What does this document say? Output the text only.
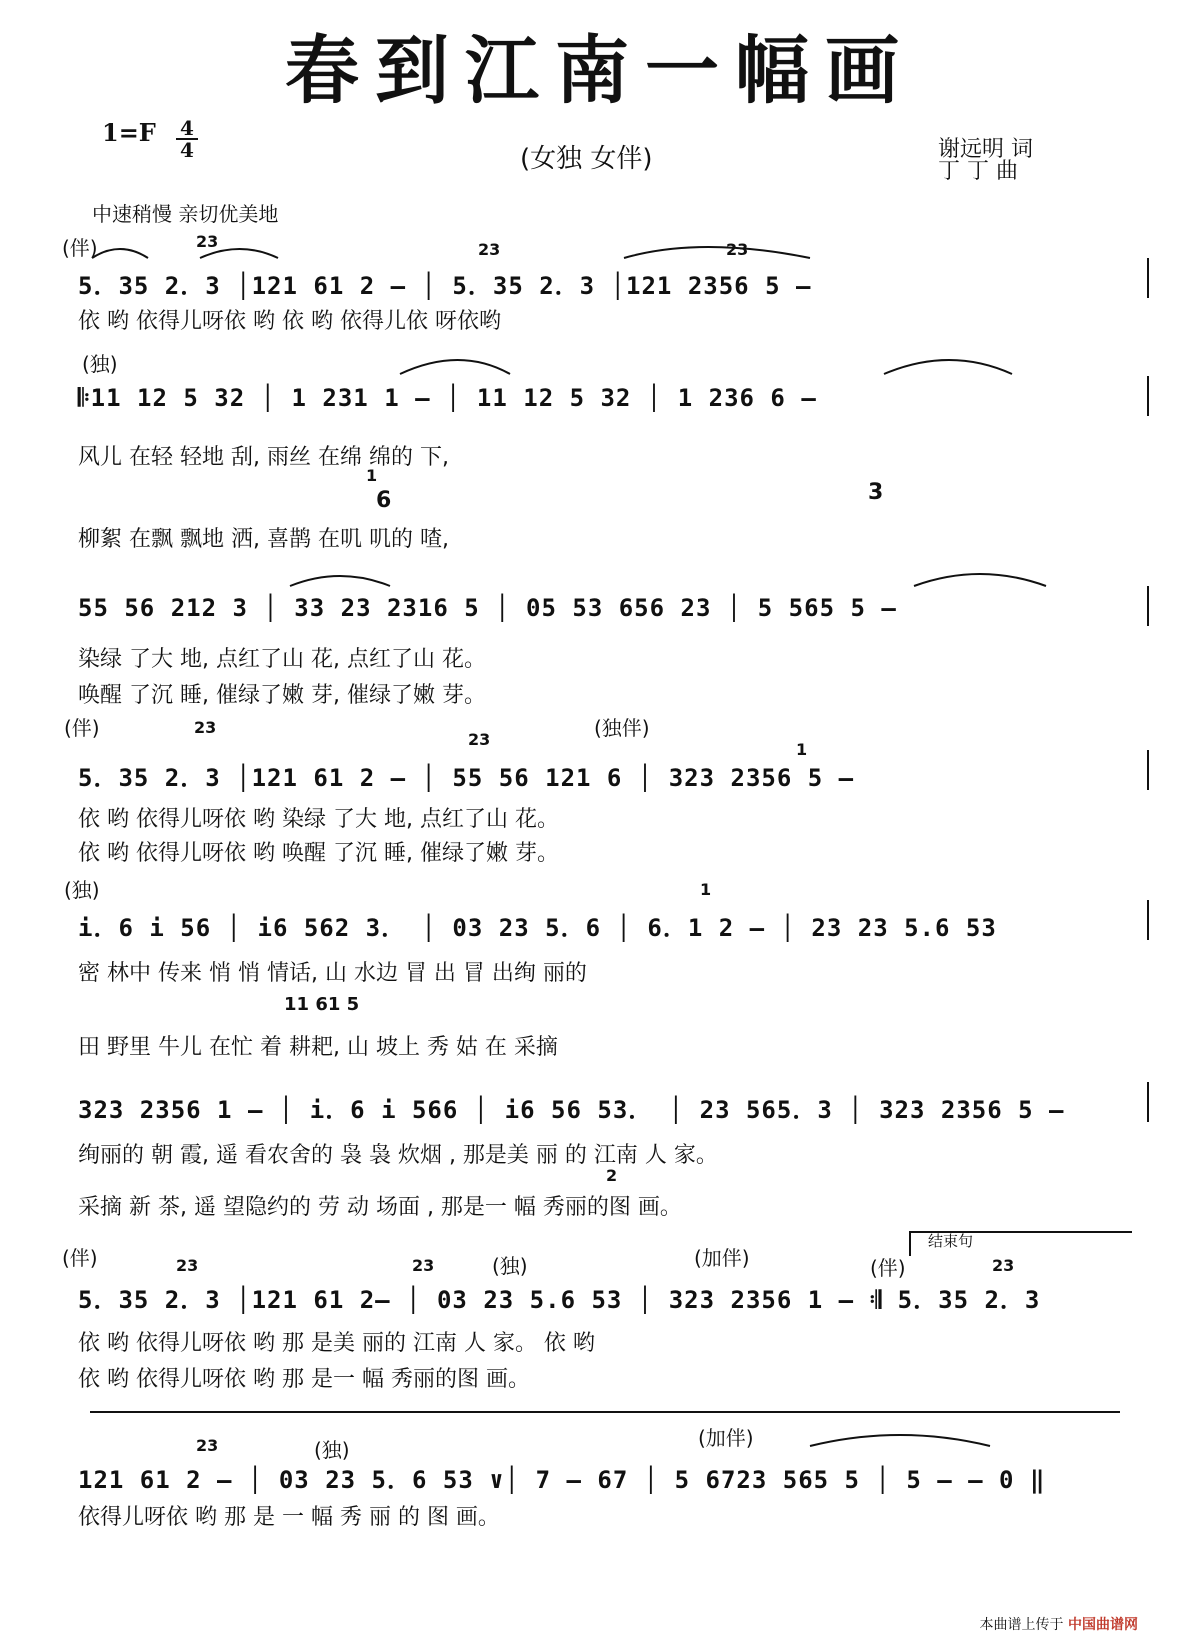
春到江南一幅画
1=F 4
4	(女独 女伴)	谢远明 词
丁 丁 曲
中速稍慢 亲切优美地
(伴)	23	23	23
5．35 2．3 │121 61 2 – │ 5．35 2．3 │121 2356 5 –
依 哟 依得儿呀依 哟 依 哟 依得儿依 呀依哟
(独)
𝄆11 12 5 32 │ 1 231 1 – │ 11 12 5 32 │ 1 236 6 –
风儿 在轻 轻地 刮, 雨丝 在绵 绵的 下,
1
6	3
柳絮 在飘 飘地 洒, 喜鹊 在叽 叽的 喳,
55 56 212 3 │ 33 23 2316 5 │ 05 53 656 23 │ 5 565 5 –
染绿 了大 地, 点红了山 花, 点红了山 花。
唤醒 了沉 睡, 催绿了嫩 芽, 催绿了嫩 芽。
(伴)	(独伴)
23
23
1
5．35 2．3 │121 61 2 – │ 55 56 121 6 │ 323 2356 5 –
依 哟 依得儿呀依 哟 染绿 了大 地, 点红了山 花。
依 哟 依得儿呀依 哟 唤醒 了沉 睡, 催绿了嫩 芽。
(独)	1
i．6 i 56 │ i6 562 3． │ 03 23 5．6 │ 6．1 2 – │ 23 23 5.6 53
密 林中 传来 悄 悄 情话, 山 水边 冒 出 冒 出绚 丽的
11 61 5
田 野里 牛儿 在忙 着 耕耙, 山 坡上 秀 姑 在 采摘
323 2356 1 – │ i．6 i 566 │ i6 56 53． │ 23 565．3 │ 323 2356 5 –
绚丽的 朝 霞, 遥 看农舍的 袅 袅 炊烟 , 那是美 丽 的 江南 人 家。
2
采摘 新 茶, 遥 望隐约的 劳 动 场面 , 那是一 幅 秀丽的图 画。
(伴)	(独)	(加伴)
结束句
(伴)
23	23	23
5．35 2．3 │121 61 2– │ 03 23 5.6 53 │ 323 2356 1 – 𝄇 5．35 2．3
依 哟 依得儿呀依 哟 那 是美 丽的 江南 人 家。 依 哟
依 哟 依得儿呀依 哟 那 是一 幅 秀丽的图 画。
(独)	(加伴)
23
121 61 2 – │ 03 23 5．6 53 ∨│ 7 – 67 │ 5 6723 565 5 │ 5 – – 0 ‖
依得儿呀依 哟 那 是 一 幅 秀 丽 的 图 画。
本曲谱上传于 中国曲谱网
